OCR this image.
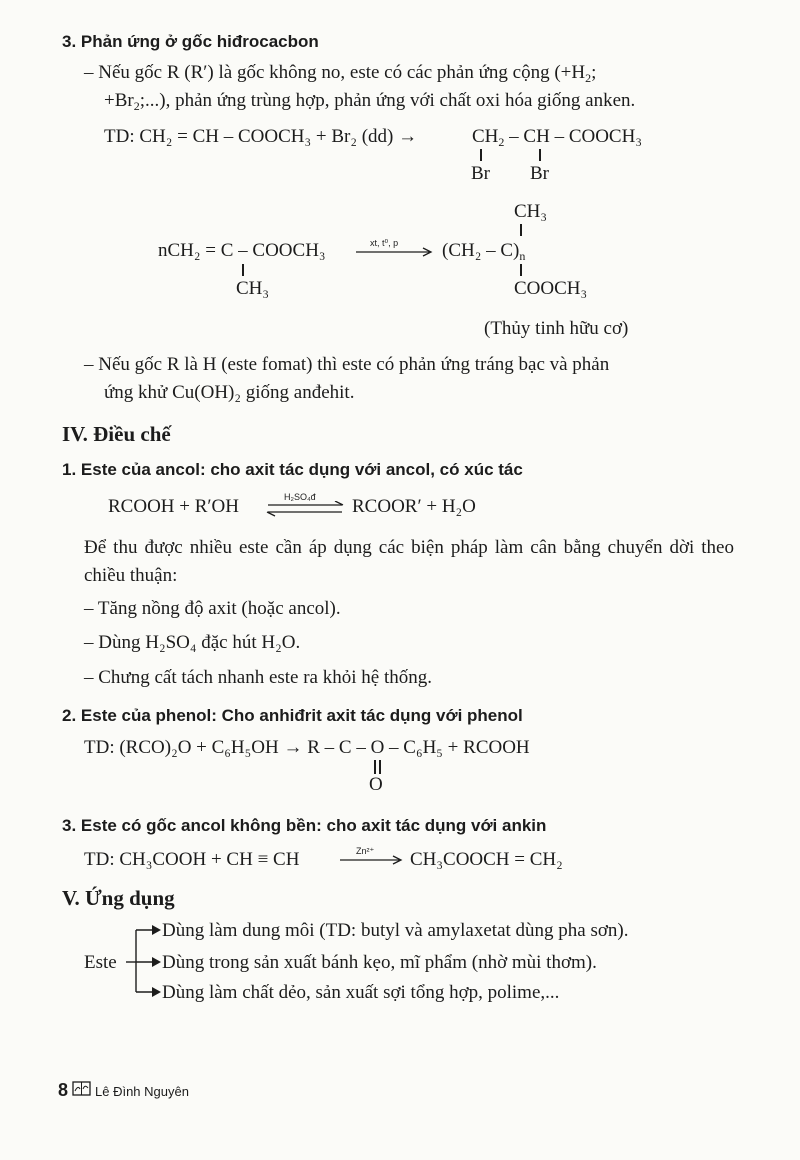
3. Phản ứng ở gốc hiđrocacbon
– Nếu gốc R (R′) là gốc không no, este có các phản ứng cộng ($+H_2$;
$+Br_2$;...), phản ứng trùng hợp, phản ứng với chất oxi hóa giống anken.
TD: CH₂ = CH – COOCH₃ + Br₂ (dd) →	$CH_2$ – CH – COOCH₃
Br Br
CH₃
nCH₂ = C – COOCH₃	xt, t⁰, p $(CH_2 - C)_n$
CH₃	COOCH₃
(Thủy tinh hữu cơ)
– Nếu gốc R là H (este fomat) thì este có phản ứng tráng bạc và phản
ứng khử Cu(OH)₂ giống anđehit.
IV. Điều chế
1. Este của ancol: cho axit tác dụng với ancol, có xúc tác
RCOOH + R′OH	H₂SO₄đ RCOOR′ + H₂O
Để thu được nhiều este cần áp dụng các biện pháp làm cân bằng chuyển dời theo chiều thuận:
– Tăng nồng độ axit (hoặc ancol).
– Dùng H₂SO₄ đặc hút H₂O.
– Chưng cất tách nhanh este ra khỏi hệ thống.
2. Este của phenol: Cho anhiđrit axit tác dụng với phenol
TD: (RCO)₂O + C₆H₅OH → R – C – O – C₆H₅ + RCOOH
O
3. Este có gốc ancol không bền: cho axit tác dụng với ankin
TD: CH₃COOH + CH ≡ CH	Zn²⁺ → CH₃COOCH = CH₂
V. Ứng dụng
Este
Dùng làm dung môi (TD: butyl và amylaxetat dùng pha sơn).
Dùng trong sản xuất bánh kẹo, mĩ phẩm (nhờ mùi thơm).
Dùng làm chất dẻo, sản xuất sợi tổng hợp, polime,...
8 Lê Đình Nguyên
